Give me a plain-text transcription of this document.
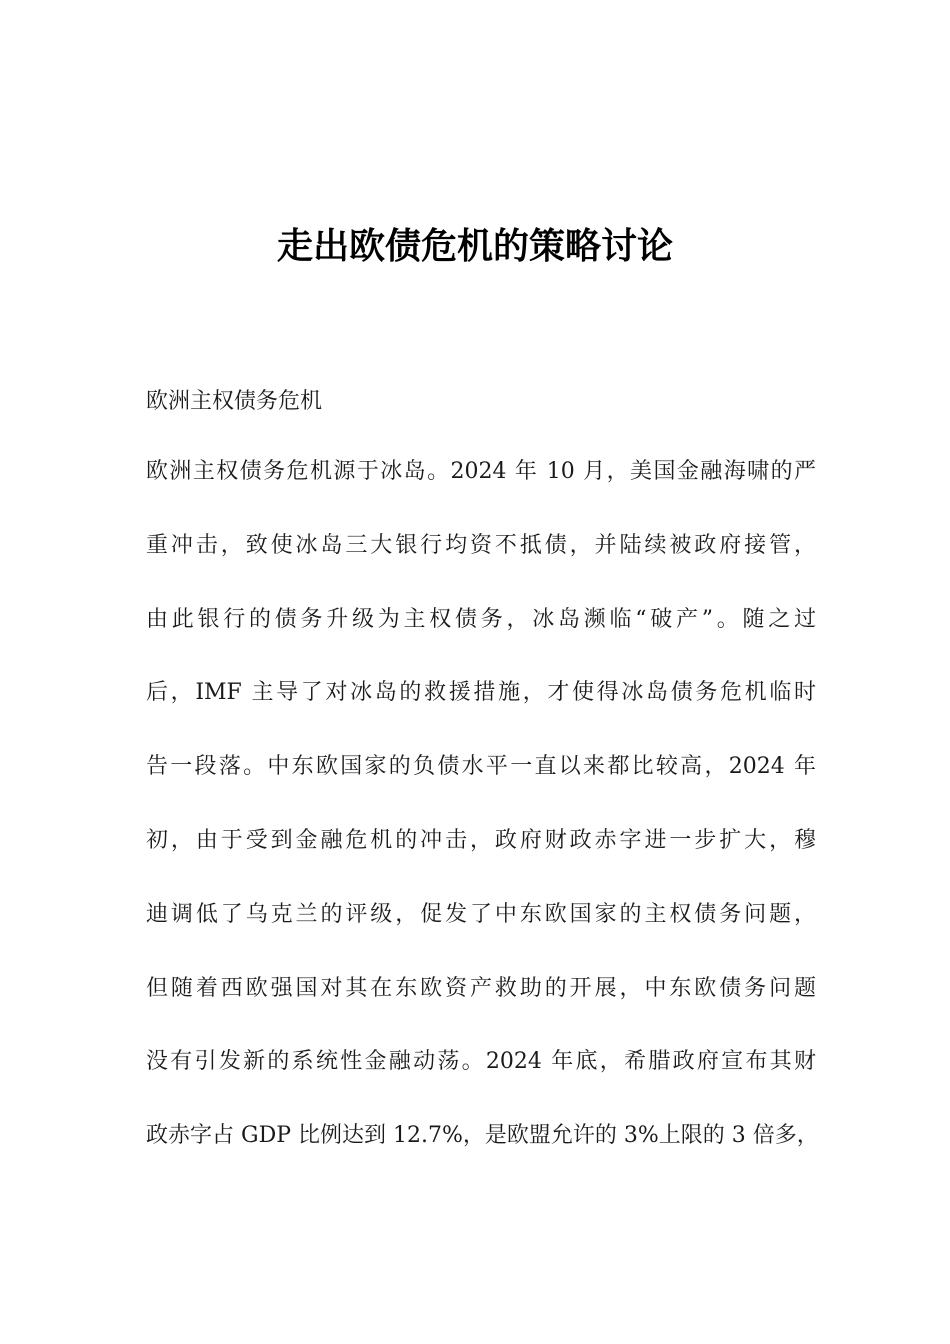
走出欧债危机的策略讨论

欧洲主权债务危机

欧洲主权债务危机源于冰岛。2024 年 10 月，美国金融海啸的严
重冲击，致使冰岛三大银行均资不抵债，并陆续被政府接管，
由此银行的债务升级为主权债务，冰岛濒临“破产”。随之过
后，IMF 主导了对冰岛的救援措施，才使得冰岛债务危机临时
告一段落。中东欧国家的负债水平一直以来都比较高，2024 年
初，由于受到金融危机的冲击，政府财政赤字进一步扩大，穆
迪调低了乌克兰的评级，促发了中东欧国家的主权债务问题，
但随着西欧强国对其在东欧资产救助的开展，中东欧债务问题
没有引发新的系统性金融动荡。2024 年底，希腊政府宣布其财
政赤字占 GDP 比例达到 12.7%，是欧盟允许的 3%上限的 3 倍多，
